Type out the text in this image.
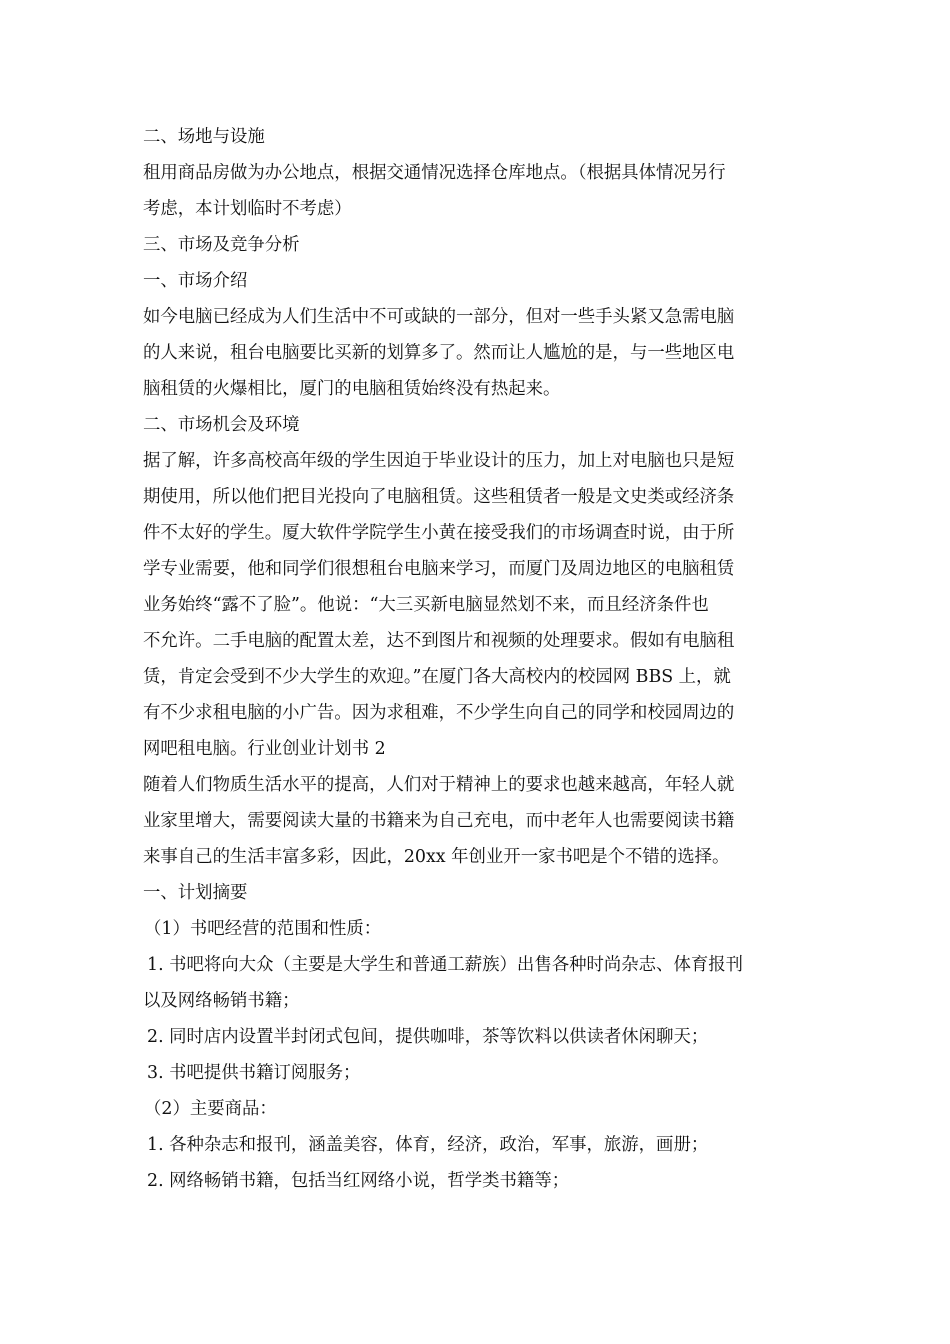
二、场地与设施
租用商品房做为办公地点，根据交通情况选择仓库地点。（根据具体情况另行
考虑，本计划临时不考虑）
三、市场及竞争分析
一、市场介绍
如今电脑已经成为人们生活中不可或缺的一部分，但对一些手头紧又急需电脑
的人来说，租台电脑要比买新的划算多了。然而让人尴尬的是，与一些地区电
脑租赁的火爆相比，厦门的电脑租赁始终没有热起来。
二、市场机会及环境
据了解，许多高校高年级的学生因迫于毕业设计的压力，加上对电脑也只是短
期使用，所以他们把目光投向了电脑租赁。这些租赁者一般是文史类或经济条
件不太好的学生。厦大软件学院学生小黄在接受我们的市场调查时说，由于所
学专业需要，他和同学们很想租台电脑来学习，而厦门及周边地区的电脑租赁
业务始终“露不了脸”。他说：“大三买新电脑显然划不来，而且经济条件也
不允许。二手电脑的配置太差，达不到图片和视频的处理要求。假如有电脑租
赁，肯定会受到不少大学生的欢迎。”在厦门各大高校内的校园网 BBS 上，就
有不少求租电脑的小广告。因为求租难，不少学生向自己的同学和校园周边的
网吧租电脑。行业创业计划书 2
随着人们物质生活水平的提高，人们对于精神上的要求也越来越高，年轻人就
业家里增大，需要阅读大量的书籍来为自己充电，而中老年人也需要阅读书籍
来事自己的生活丰富多彩，因此，20xx 年创业开一家书吧是个不错的选择。
一、计划摘要
（1）书吧经营的范围和性质：
1. 书吧将向大众（主要是大学生和普通工薪族）出售各种时尚杂志、体育报刊
以及网络畅销书籍；
2. 同时店内设置半封闭式包间，提供咖啡，茶等饮料以供读者休闲聊天；
3. 书吧提供书籍订阅服务；
（2）主要商品：
1. 各种杂志和报刊，涵盖美容，体育，经济，政治，军事，旅游，画册；
2. 网络畅销书籍，包括当红网络小说，哲学类书籍等；
